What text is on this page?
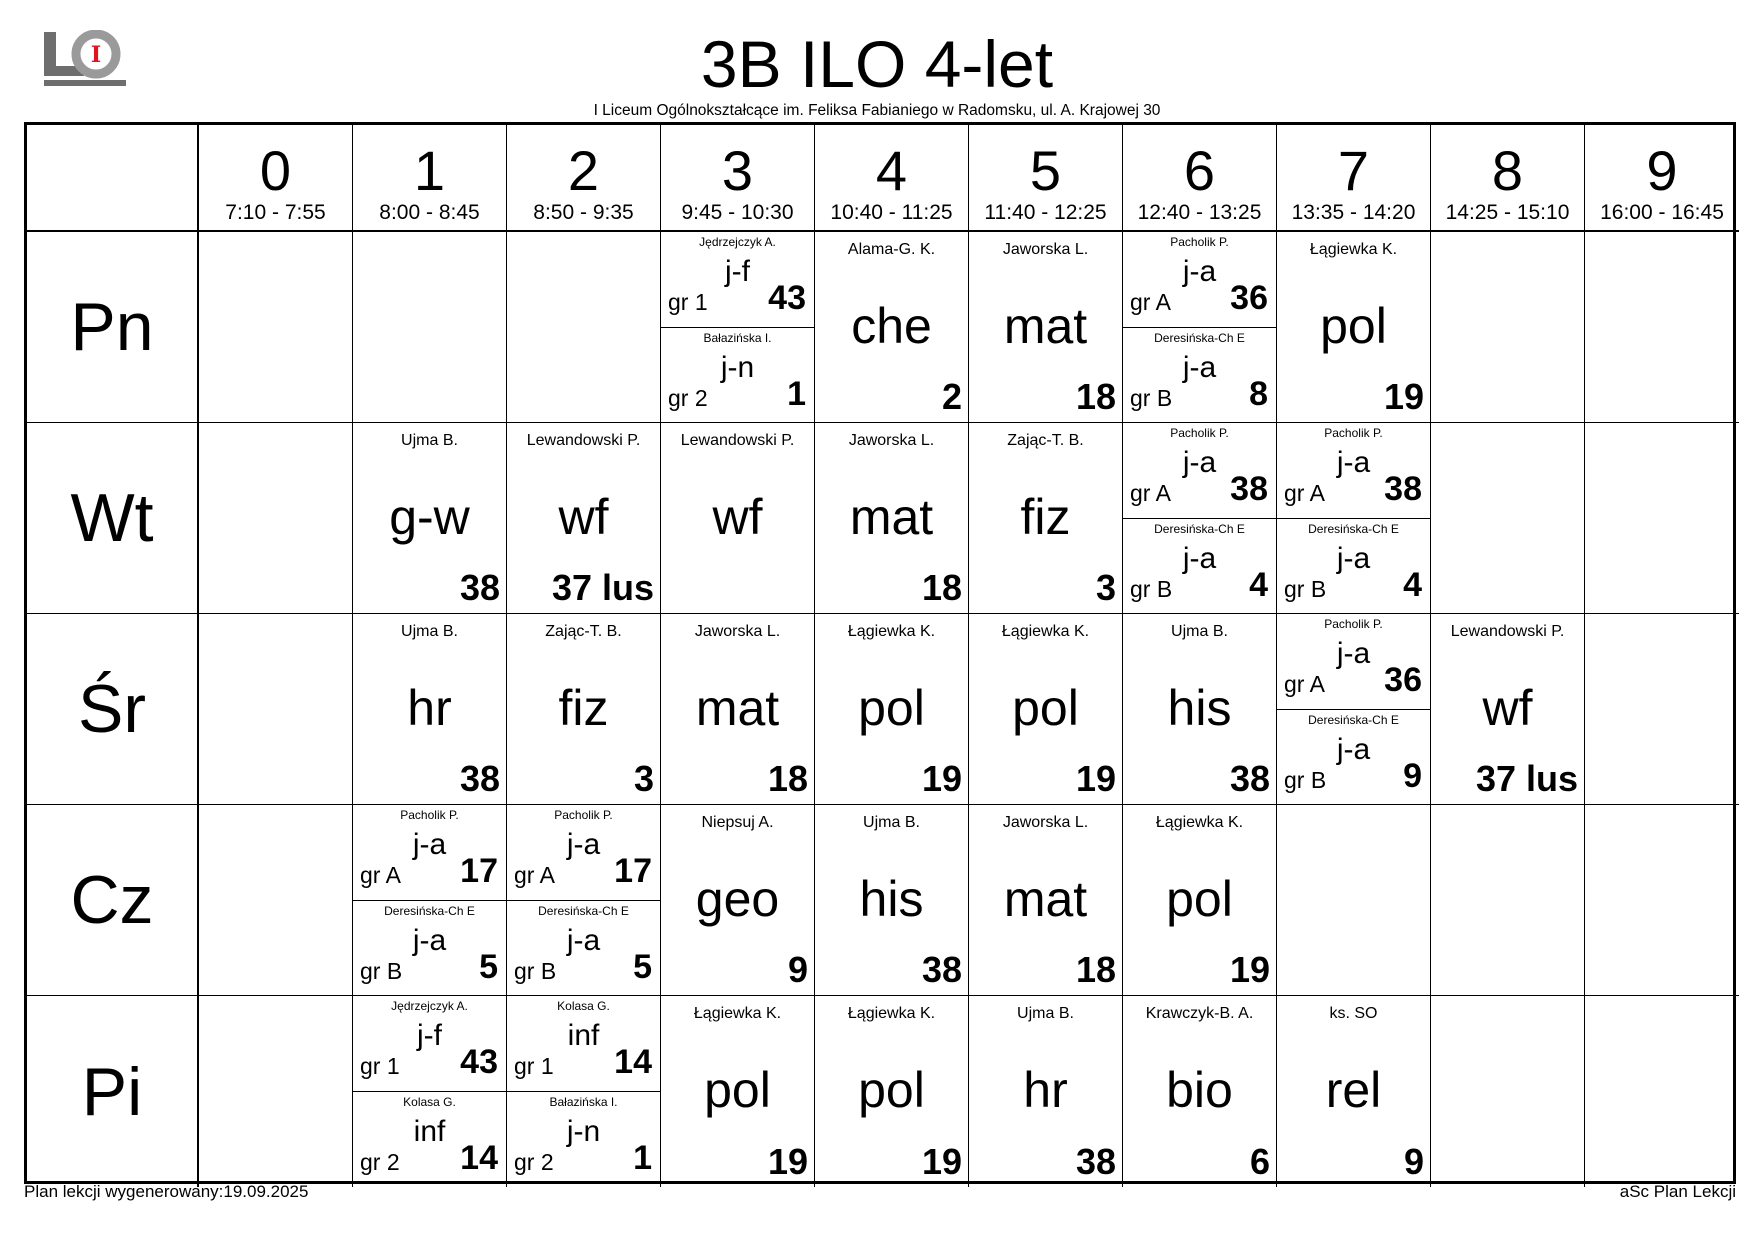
I	3B ILO 4-let
I Liceum Ogólnokształcące im. Feliksa Fabianiego w Radomsku, ul. A. Krajowej 30
0
7:10 - 7:55
1
8:00 - 8:45
2
8:50 - 9:35
3
9:45 - 10:30
4
10:40 - 11:25
5
11:40 - 12:25
6
12:40 - 13:25
7
13:35 - 14:20
8
14:25 - 15:10
9
16:00 - 16:45
Pn
Jędrzejczyk A.
j-f
gr 1 43
Bałazińska I.
j-n
gr 2 1
Alama-G. K.
che
2
Jaworska L.
mat
18
Pacholik P.
j-a
gr A 36
Deresińska-Ch E
j-a
gr B 8
Łągiewka K.
pol
19
Wt
Ujma B.
g-w
38
Lewandowski P.
wf
37 lus
Lewandowski P.
wf
Jaworska L.
mat
18
Zając-T. B.
fiz
3
Pacholik P.
j-a
gr A 38
Deresińska-Ch E
j-a
gr B 4
Pacholik P.
j-a
gr A 38
Deresińska-Ch E
j-a
gr B 4
Śr
Ujma B.
hr
38
Zając-T. B.
fiz
3
Jaworska L.
mat
18
Łągiewka K.
pol
19
Łągiewka K.
pol
19
Ujma B.
his
38
Pacholik P.
j-a
gr A 36
Deresińska-Ch E
j-a
gr B 9
Lewandowski P.
wf
37 lus
Cz
Pacholik P.
j-a
gr A 17
Deresińska-Ch E
j-a
gr B 5
Pacholik P.
j-a
gr A 17
Deresińska-Ch E
j-a
gr B 5
Niepsuj A.
geo
9
Ujma B.
his
38
Jaworska L.
mat
18
Łągiewka K.
pol
19
Pi
Jędrzejczyk A.
j-f
gr 1 43
Kolasa G.
inf
gr 2 14
Kolasa G.
inf
gr 1 14
Bałazińska I.
j-n
gr 2 1
Łągiewka K.
pol
19
Łągiewka K.
pol
19
Ujma B.
hr
38
Krawczyk-B. A.
bio
6
ks. SO
rel
9
Plan lekcji wygenerowany:19.09.2025	aSc Plan Lekcji
